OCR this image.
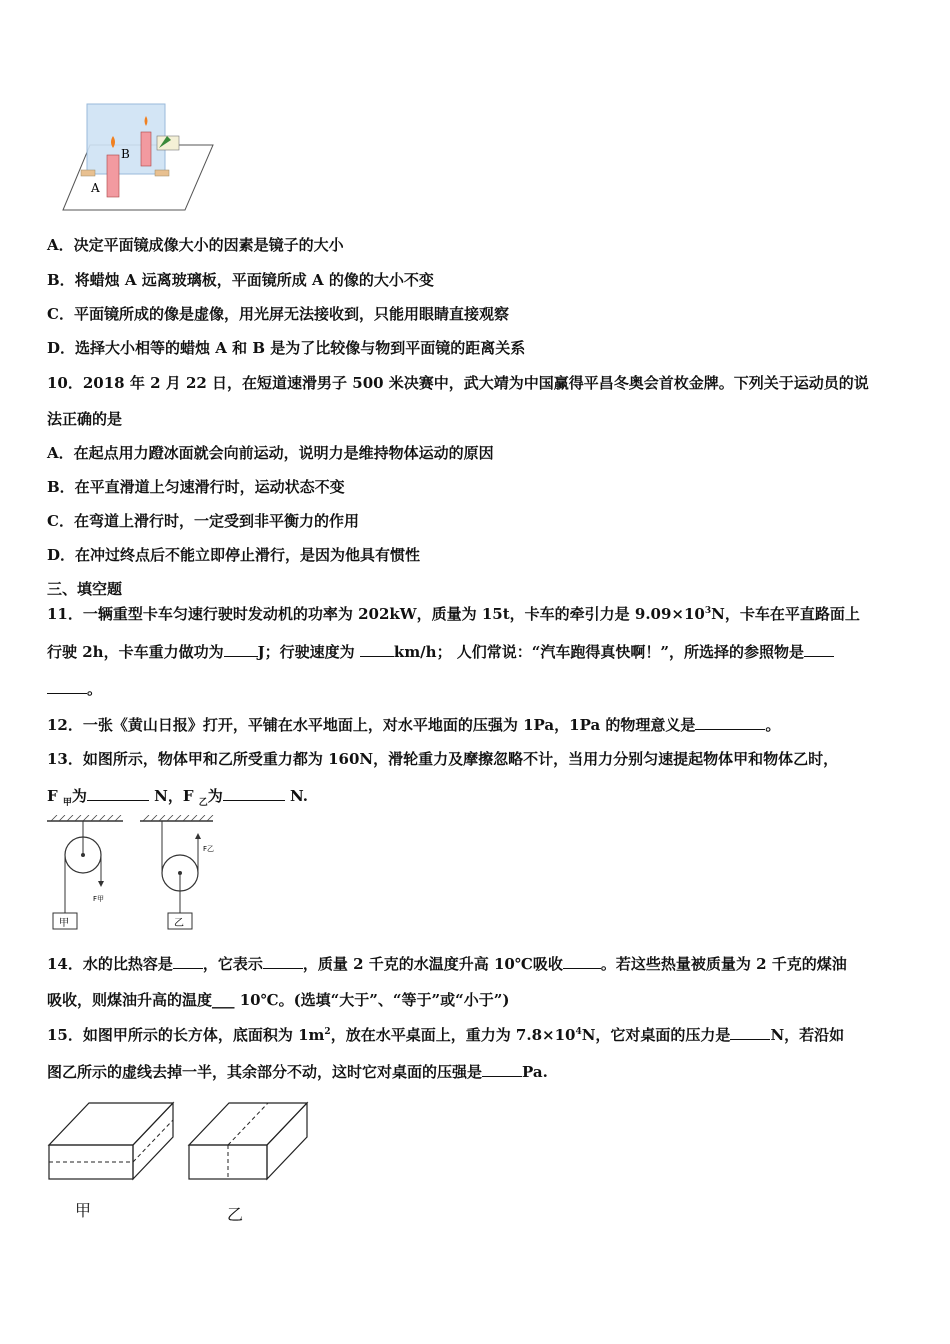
A
B
A．决定平面镜成像大小的因素是镜子的大小
B．将蜡烛 A 远离玻璃板，平面镜所成 A 的像的大小不变
C．平面镜所成的像是虚像，用光屏无法接收到，只能用眼睛直接观察
D．选择大小相等的蜡烛 A 和 B 是为了比较像与物到平面镜的距离关系
10．2018 年 2 月 22 日，在短道速滑男子 500 米决赛中，武大靖为中国赢得平昌冬奥会首枚金牌。下列关于运动员的说
法正确的是
A．在起点用力蹬冰面就会向前运动，说明力是维持物体运动的原因
B．在平直滑道上匀速滑行时，运动状态不变
C．在弯道上滑行时，一定受到非平衡力的作用
D．在冲过终点后不能立即停止滑行，是因为他具有惯性
三、填空题
11．一辆重型卡车匀速行驶时发动机的功率为 202kW，质量为 15t，卡车的牵引力是 $9.09\times 10^3N$，卡车在平直路面上
行驶 2h，卡车重力做功为 J；行驶速度为	km/h； 人们常说：“汽车跑得真快啊！”，所选择的参照物是
。
12．一张《黄山日报》打开，平铺在水平地面上，对水平地面的压强为 1Pa，1Pa 的物理意义是	。
13．如图所示，物体甲和乙所受重力都为 160N，滑轮重力及摩擦忽略不计，当用力分别匀速提起物体甲和物体乙时，
F $_甲$为	N，F $_乙$为	N.
F甲
甲
F乙
乙
14．水的比热容是 ，它表示	，质量 2 千克的水温度升高 10℃吸收	。若这些热量被质量为 2 千克的煤油
吸收，则煤油升高的温度___ 10℃。(选填“大于”、“等于”或“小于”)
15．如图甲所示的长方体，底面积为 $1m^2$，放在水平桌面上，重力为 $7.8\times 10^4N$，它对桌面的压力是	N，若沿如
图乙所示的虚线去掉一半，其余部分不动，这时它对桌面的压强是	Pa.
甲	乙
